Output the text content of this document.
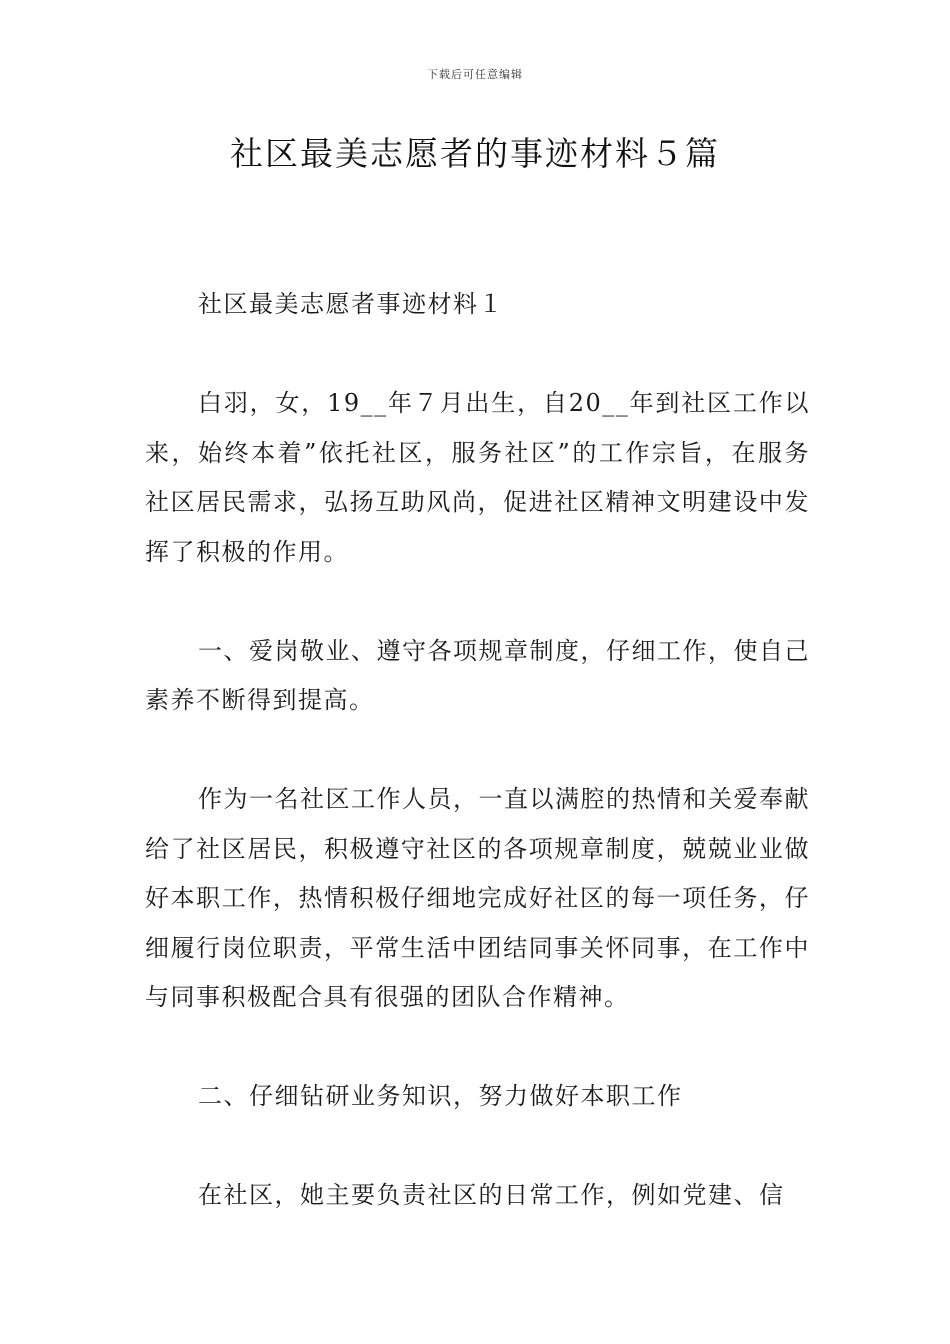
下载后可任意编辑
社区最美志愿者的事迹材料５篇

社区最美志愿者事迹材料１

白羽，女，19__年７月出生，自20__年到社区工作以来，始终本着”依托社区，服务社区”的工作宗旨，在服务社区居民需求，弘扬互助风尚，促进社区精神文明建设中发挥了积极的作用。

一、爱岗敬业、遵守各项规章制度，仔细工作，使自己素养不断得到提高。

作为一名社区工作人员，一直以满腔的热情和关爱奉献给了社区居民，积极遵守社区的各项规章制度，兢兢业业做好本职工作，热情积极仔细地完成好社区的每一项任务，仔细履行岗位职责，平常生活中团结同事关怀同事，在工作中与同事积极配合具有很强的团队合作精神。

二、仔细钻研业务知识，努力做好本职工作

在社区，她主要负责社区的日常工作，例如党建、信
